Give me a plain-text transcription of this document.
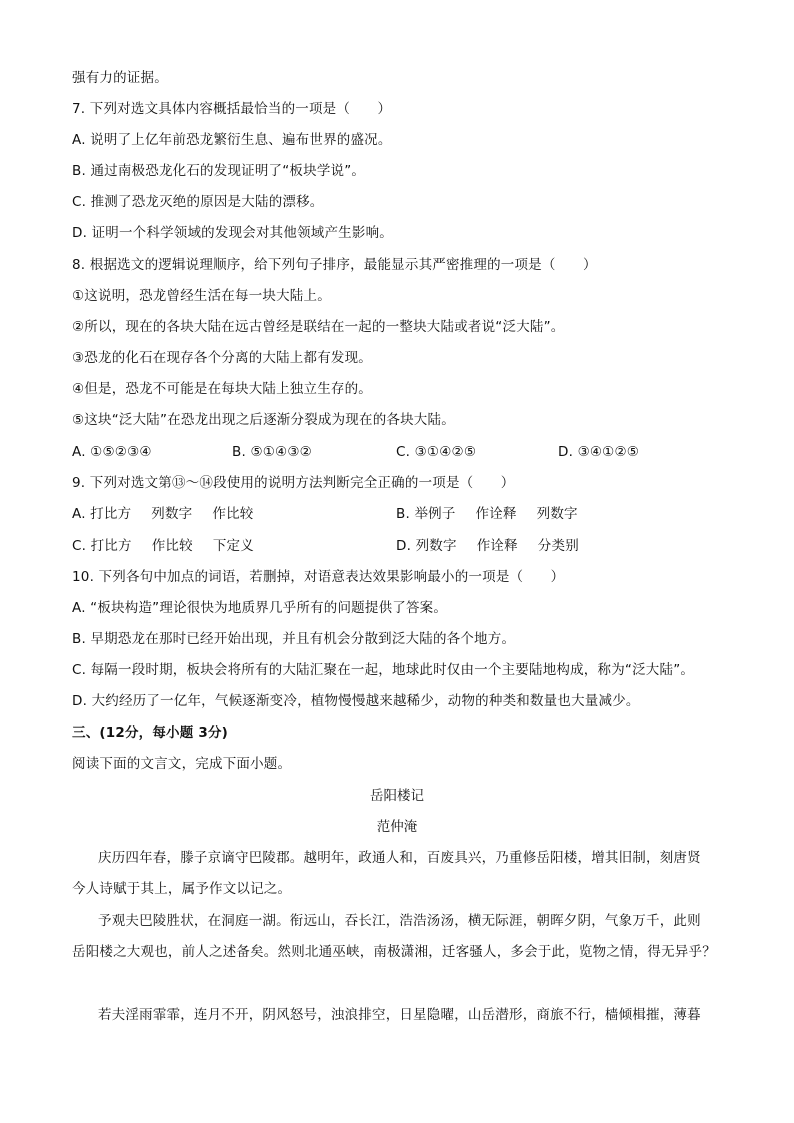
强有力的证据。
7. 下列对选文具体内容概括最恰当的一项是（　　）
A. 说明了上亿年前恐龙繁衍生息、遍布世界的盛况。
B. 通过南极恐龙化石的发现证明了“板块学说”。
C. 推测了恐龙灭绝的原因是大陆的漂移。
D. 证明一个科学领域的发现会对其他领域产生影响。
8. 根据选文的逻辑说理顺序，给下列句子排序，最能显示其严密推理的一项是（　　）
①这说明，恐龙曾经生活在每一块大陆上。
②所以，现在的各块大陆在远古曾经是联结在一起的一整块大陆或者说“泛大陆”。
③恐龙的化石在现存各个分离的大陆上都有发现。
④但是，恐龙不可能是在每块大陆上独立生存的。
⑤这块“泛大陆”在恐龙出现之后逐渐分裂成为现在的各块大陆。
A. ①⑤②③④	B. ⑤①④③②	C. ③①④②⑤	D. ③④①②⑤
9. 下列对选文第⑬～⑭段使用的说明方法判断完全正确的一项是（　　）
A. 打比方 列数字 作比较	B. 举例子 作诠释 列数字
C. 打比方 作比较 下定义	D. 列数字 作诠释 分类别
10. 下列各句中加点的词语，若删掉，对语意表达效果影响最小的一项是（　　）
A. “板块构造”理论很快为地质界几乎所有的问题提供了答案。
B. 早期恐龙在那时已经开始出现，并且有机会分散到泛大陆的各个地方。
C. 每隔一段时期，板块会将所有的大陆汇聚在一起，地球此时仅由一个主要陆地构成，称为“泛大陆”。
D. 大约经历了一亿年，气候逐渐变冷，植物慢慢越来越稀少，动物的种类和数量也大量减少。
三、(12分，每小题 3分)
阅读下面的文言文，完成下面小题。
岳阳楼记
范仲淹
庆历四年春，滕子京谪守巴陵郡。越明年，政通人和，百废具兴，乃重修岳阳楼，增其旧制，刻唐贤
今人诗赋于其上，属予作文以记之。
予观夫巴陵胜状，在洞庭一湖。衔远山，吞长江，浩浩汤汤，横无际涯，朝晖夕阴，气象万千，此则
岳阳楼之大观也，前人之述备矣。然则北通巫峡，南极潇湘，迁客骚人，多会于此，览物之情，得无异乎？
若夫淫雨霏霏，连月不开，阴风怒号，浊浪排空，日星隐曜，山岳潜形，商旅不行，樯倾楫摧，薄暮
